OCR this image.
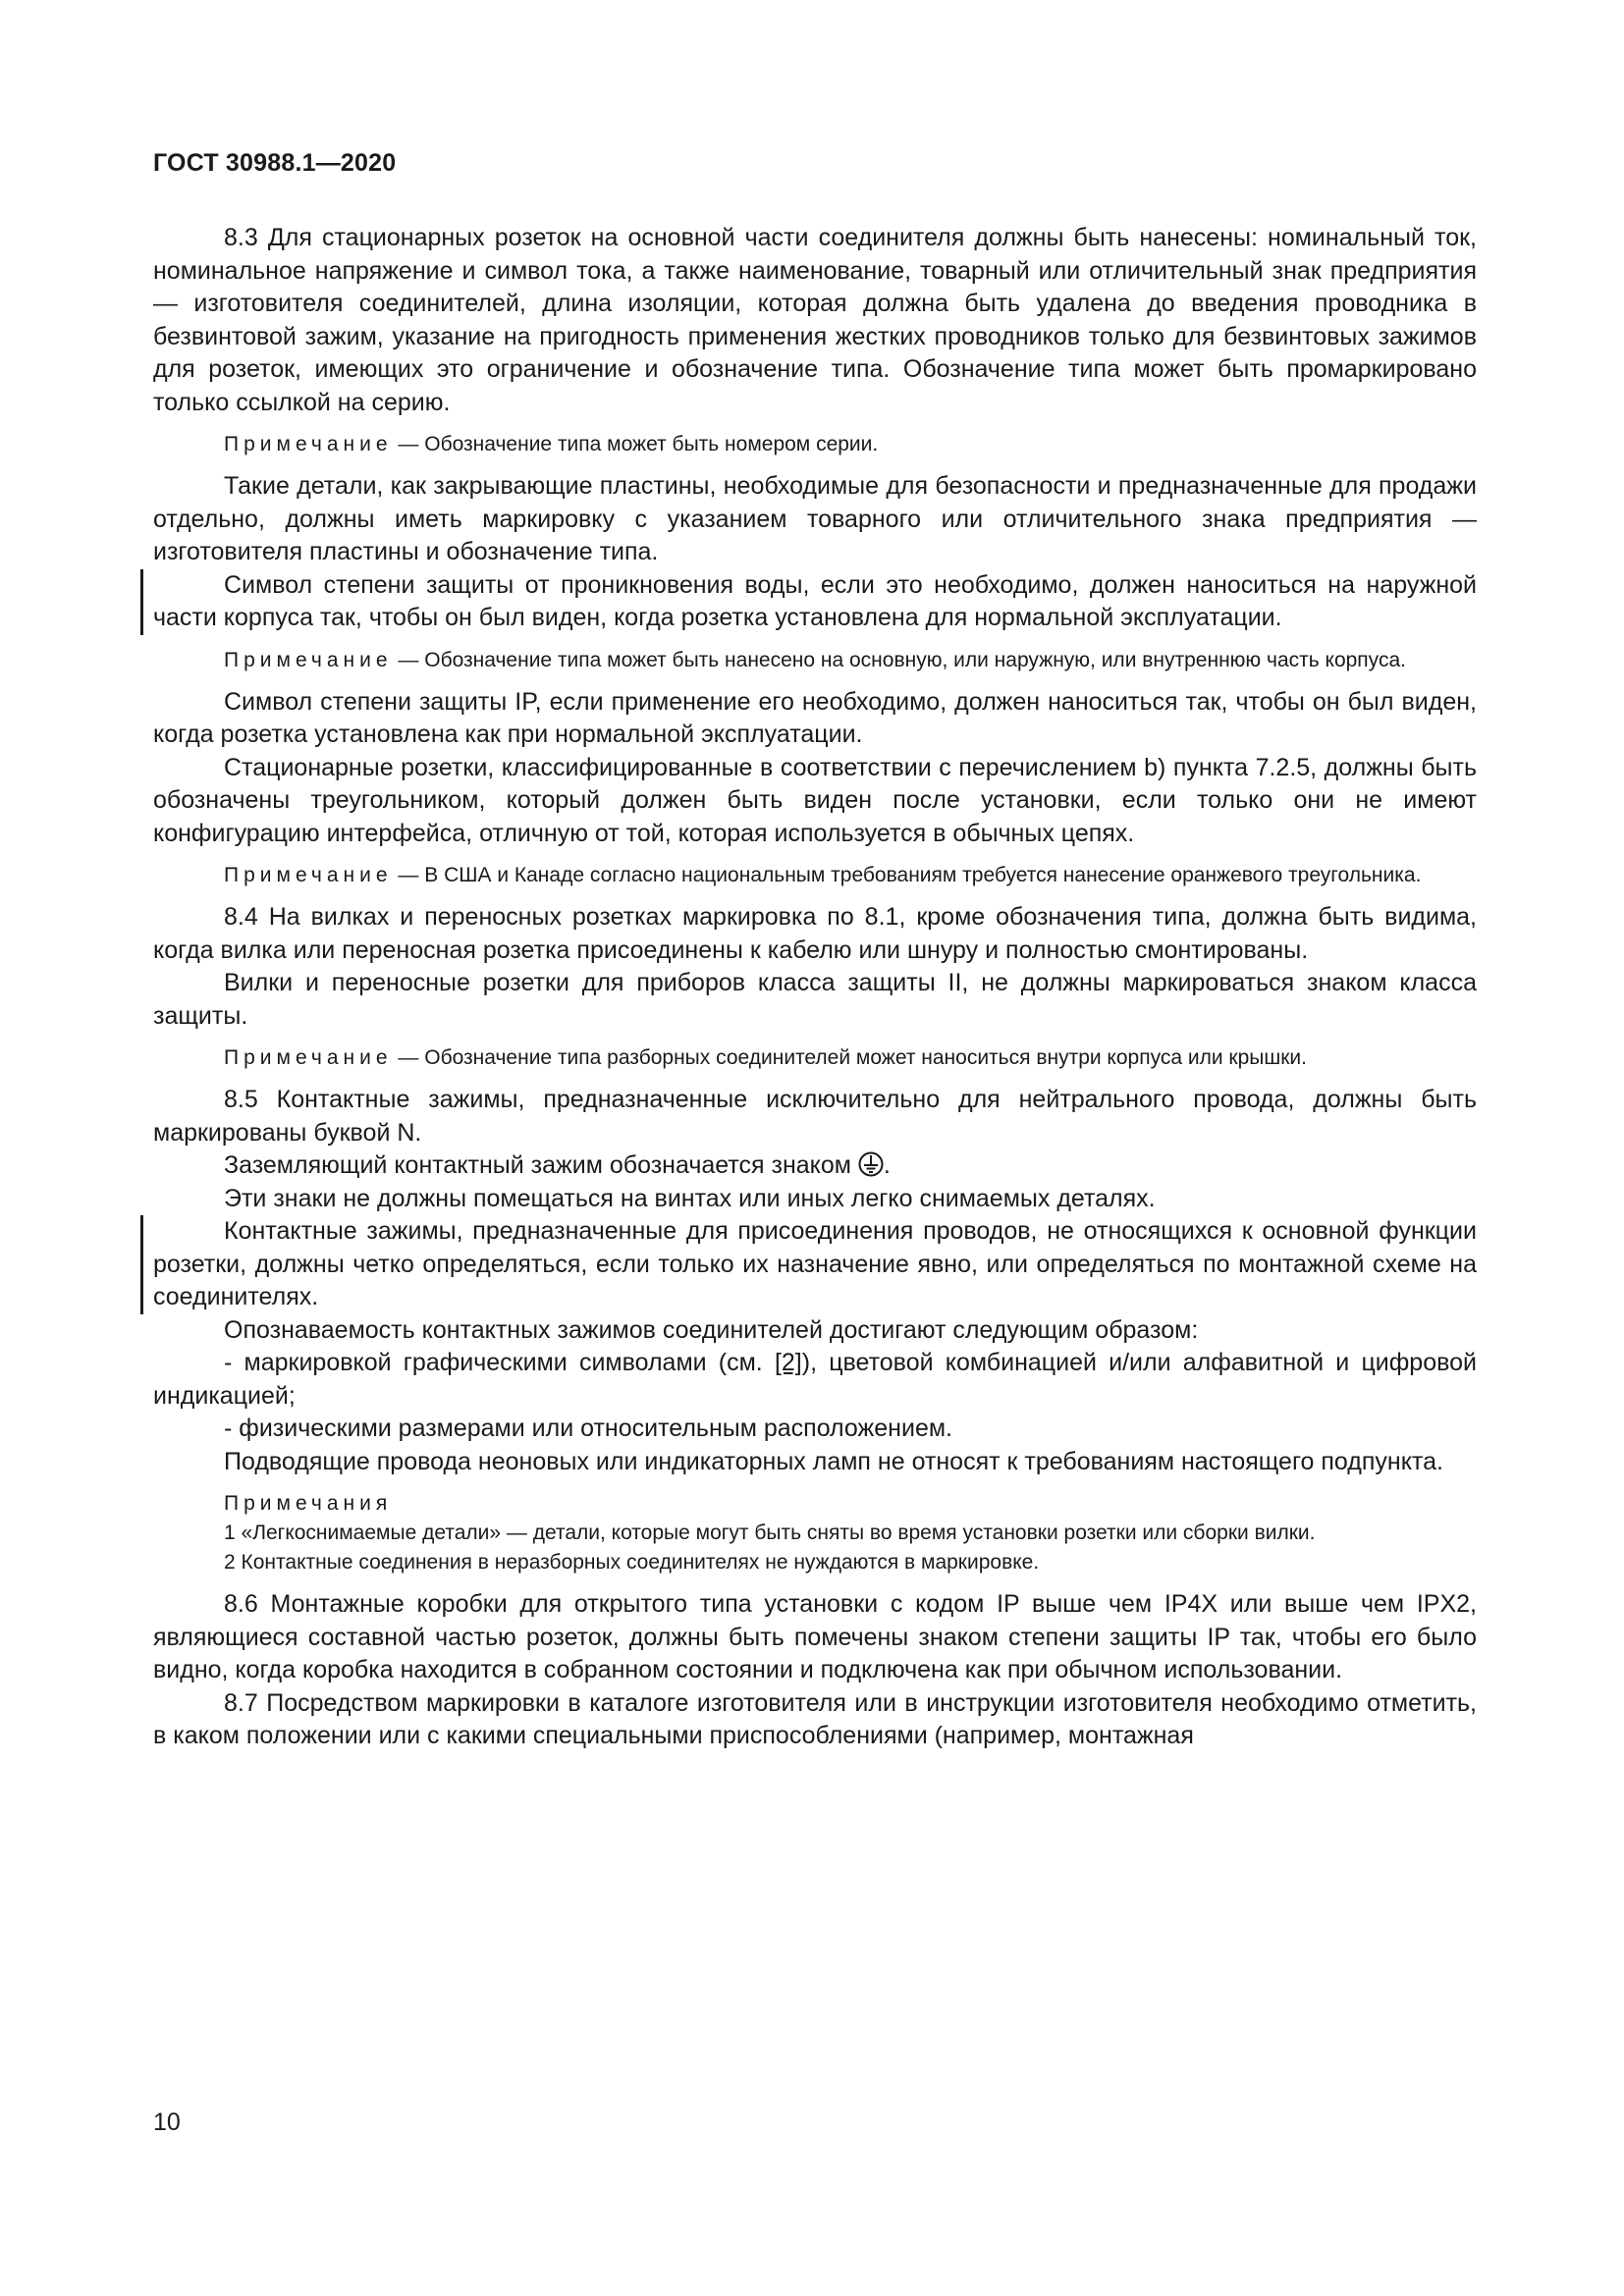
ГОСТ 30988.1—2020

8.3 Для стационарных розеток на основной части соединителя должны быть нанесены: номинальный ток, номинальное напряжение и символ тока, а также наименование, товарный или отличительный знак предприятия — изготовителя соединителей, длина изоляции, которая должна быть удалена до введения проводника в безвинтовой зажим, указание на пригодность применения жестких проводников только для безвинтовых зажимов для розеток, имеющих это ограничение и обозначение типа. Обозначение типа может быть промаркировано только ссылкой на серию.

Примечание — Обозначение типа может быть номером серии.

Такие детали, как закрывающие пластины, необходимые для безопасности и предназначенные для продажи отдельно, должны иметь маркировку с указанием товарного или отличительного знака предприятия — изготовителя пластины и обозначение типа.

Символ степени защиты от проникновения воды, если это необходимо, должен наноситься на наружной части корпуса так, чтобы он был виден, когда розетка установлена для нормальной эксплуатации.

Примечание — Обозначение типа может быть нанесено на основную, или наружную, или внутреннюю часть корпуса.

Символ степени защиты IP, если применение его необходимо, должен наноситься так, чтобы он был виден, когда розетка установлена как при нормальной эксплуатации.

Стационарные розетки, классифицированные в соответствии с перечислением b) пункта 7.2.5, должны быть обозначены треугольником, который должен быть виден после установки, если только они не имеют конфигурацию интерфейса, отличную от той, которая используется в обычных цепях.

Примечание — В США и Канаде согласно национальным требованиям требуется нанесение оранжевого треугольника.

8.4 На вилках и переносных розетках маркировка по 8.1, кроме обозначения типа, должна быть видима, когда вилка или переносная розетка присоединены к кабелю или шнуру и полностью смонтированы.

Вилки и переносные розетки для приборов класса защиты II, не должны маркироваться знаком класса защиты.

Примечание — Обозначение типа разборных соединителей может наноситься внутри корпуса или крышки.

8.5 Контактные зажимы, предназначенные исключительно для нейтрального провода, должны быть маркированы буквой N.

Заземляющий контактный зажим обозначается знаком .

Эти знаки не должны помещаться на винтах или иных легко снимаемых деталях.

Контактные зажимы, предназначенные для присоединения проводов, не относящихся к основной функции розетки, должны четко определяться, если только их назначение явно, или определяться по монтажной схеме на соединителях.

Опознаваемость контактных зажимов соединителей достигают следующим образом:

- маркировкой графическими символами (см. [2]), цветовой комбинацией и/или алфавитной и цифровой индикацией;

- физическими размерами или относительным расположением.

Подводящие провода неоновых или индикаторных ламп не относят к требованиям настоящего подпункта.

Примечания

1 «Легкоснимаемые детали» — детали, которые могут быть сняты во время установки розетки или сборки вилки.

2 Контактные соединения в неразборных соединителях не нуждаются в маркировке.

8.6 Монтажные коробки для открытого типа установки с кодом IP выше чем IP4X или выше чем IPX2, являющиеся составной частью розеток, должны быть помечены знаком степени защиты IP так, чтобы его было видно, когда коробка находится в собранном состоянии и подключена как при обычном использовании.

8.7 Посредством маркировки в каталоге изготовителя или в инструкции изготовителя необходимо отметить, в каком положении или с какими специальными приспособлениями (например, монтажная

10
